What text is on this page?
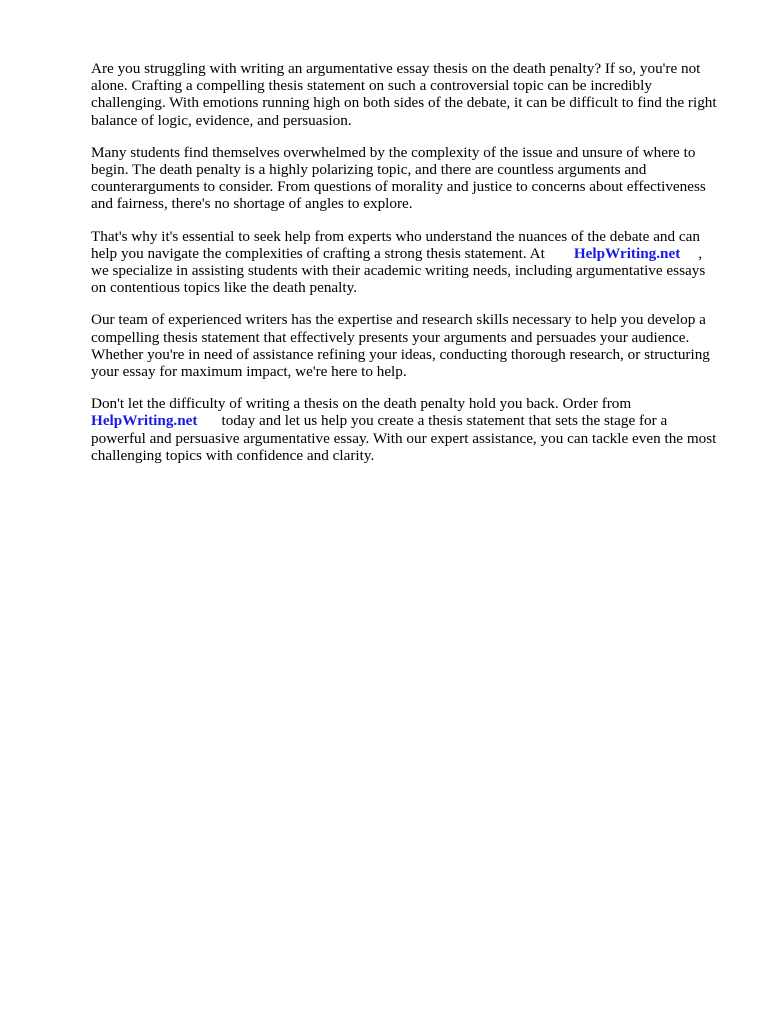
Are you struggling with writing an argumentative essay thesis on the death penalty? If so, you're not alone. Crafting a compelling thesis statement on such a controversial topic can be incredibly challenging. With emotions running high on both sides of the debate, it can be difficult to find the right balance of logic, evidence, and persuasion.

Many students find themselves overwhelmed by the complexity of the issue and unsure of where to begin. The death penalty is a highly polarizing topic, and there are countless arguments and counterarguments to consider. From questions of morality and justice to concerns about effectiveness and fairness, there's no shortage of angles to explore.

That's why it's essential to seek help from experts who understand the nuances of the debate and can help you navigate the complexities of crafting a strong thesis statement. At HelpWriting.net , we specialize in assisting students with their academic writing needs, including argumentative essays on contentious topics like the death penalty.

Our team of experienced writers has the expertise and research skills necessary to help you develop a compelling thesis statement that effectively presents your arguments and persuades your audience. Whether you're in need of assistance refining your ideas, conducting thorough research, or structuring your essay for maximum impact, we're here to help.

Don't let the difficulty of writing a thesis on the death penalty hold you back. Order from HelpWriting.net today and let us help you create a thesis statement that sets the stage for a powerful and persuasive argumentative essay. With our expert assistance, you can tackle even the most challenging topics with confidence and clarity.
